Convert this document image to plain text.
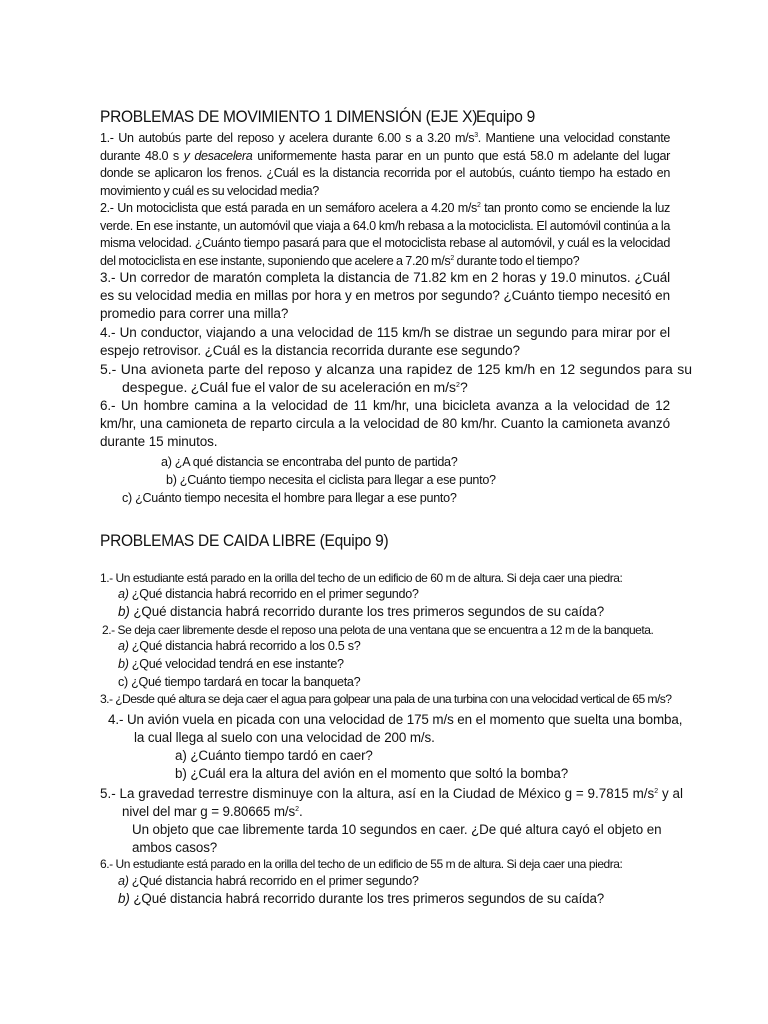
PROBLEMAS DE MOVIMIENTO 1 DIMENSIÓN (EJE X)
Equipo 9
1.- Un autobús parte del reposo y acelera durante 6.00 s a 3.20 $m/s^3$. Mantiene una velocidad constante durante 48.0 s y desacelera uniformemente hasta parar en un punto que está 58.0 m adelante del lugar donde se aplicaron los frenos. ¿Cuál es la distancia recorrida por el autobús, cuánto tiempo ha estado en movimiento y cuál es su velocidad media?
2.- Un motociclista que está parada en un semáforo acelera a 4.20 $m/s^2$ tan pronto como se enciende la luz verde. En ese instante, un automóvil que viaja a 64.0 km/h rebasa a la motociclista. El automóvil continúa a la misma velocidad. ¿Cuánto tiempo pasará para que el motociclista rebase al automóvil, y cuál es la velocidad del motociclista en ese instante, suponiendo que acelere a 7.20 $m/s^2$ durante todo el tiempo?
3.- Un corredor de maratón completa la distancia de 71.82 km en 2 horas y 19.0 minutos. ¿Cuál es su velocidad media en millas por hora y en metros por segundo? ¿Cuánto tiempo necesitó en promedio para correr una milla?
4.- Un conductor, viajando a una velocidad de 115 km/h se distrae un segundo para mirar por el espejo retrovisor. ¿Cuál es la distancia recorrida durante ese segundo?
5.- Una avioneta parte del reposo y alcanza una rapidez de 125 km/h en 12 segundos para su despegue. ¿Cuál fue el valor de su aceleración en $m/s^2$?
6.- Un hombre camina a la velocidad de 11 km/hr, una bicicleta avanza a la velocidad de 12 km/hr, una camioneta de reparto circula a la velocidad de 80 km/hr. Cuanto la camioneta avanzó durante 15 minutos.
a) ¿A qué distancia se encontraba del punto de partida?
b) ¿Cuánto tiempo necesita el ciclista para llegar a ese punto?
c) ¿Cuánto tiempo necesita el hombre para llegar a ese punto?
PROBLEMAS DE CAIDA LIBRE (Equipo 9)
1.- Un estudiante está parado en la orilla del techo de un edificio de 60 m de altura. Si deja caer una piedra:
a) ¿Qué distancia habrá recorrido en el primer segundo?
b) ¿Qué distancia habrá recorrido durante los tres primeros segundos de su caída?
2.- Se deja caer libremente desde el reposo una pelota de una ventana que se encuentra a 12 m de la banqueta.
a) ¿Qué distancia habrá recorrido a los 0.5 s?
b) ¿Qué velocidad tendrá en ese instante?
c) ¿Qué tiempo tardará en tocar la banqueta?
3.- ¿Desde qué altura se deja caer el agua para golpear una pala de una turbina con una velocidad vertical de 65 m/s?
4.- Un avión vuela en picada con una velocidad de 175 m/s en el momento que suelta una bomba,
la cual llega al suelo con una velocidad de 200 m/s.
a) ¿Cuánto tiempo tardó en caer?
b) ¿Cuál era la altura del avión en el momento que soltó la bomba?
5.- La gravedad terrestre disminuye con la altura, así en la Ciudad de México g = 9.7815 $m/s^2$ y al
nivel del mar g = 9.80665 $m/s^2$.
Un objeto que cae libremente tarda 10 segundos en caer. ¿De qué altura cayó el objeto en
ambos casos?
6.- Un estudiante está parado en la orilla del techo de un edificio de 55 m de altura. Si deja caer una piedra:
a) ¿Qué distancia habrá recorrido en el primer segundo?
b) ¿Qué distancia habrá recorrido durante los tres primeros segundos de su caída?
